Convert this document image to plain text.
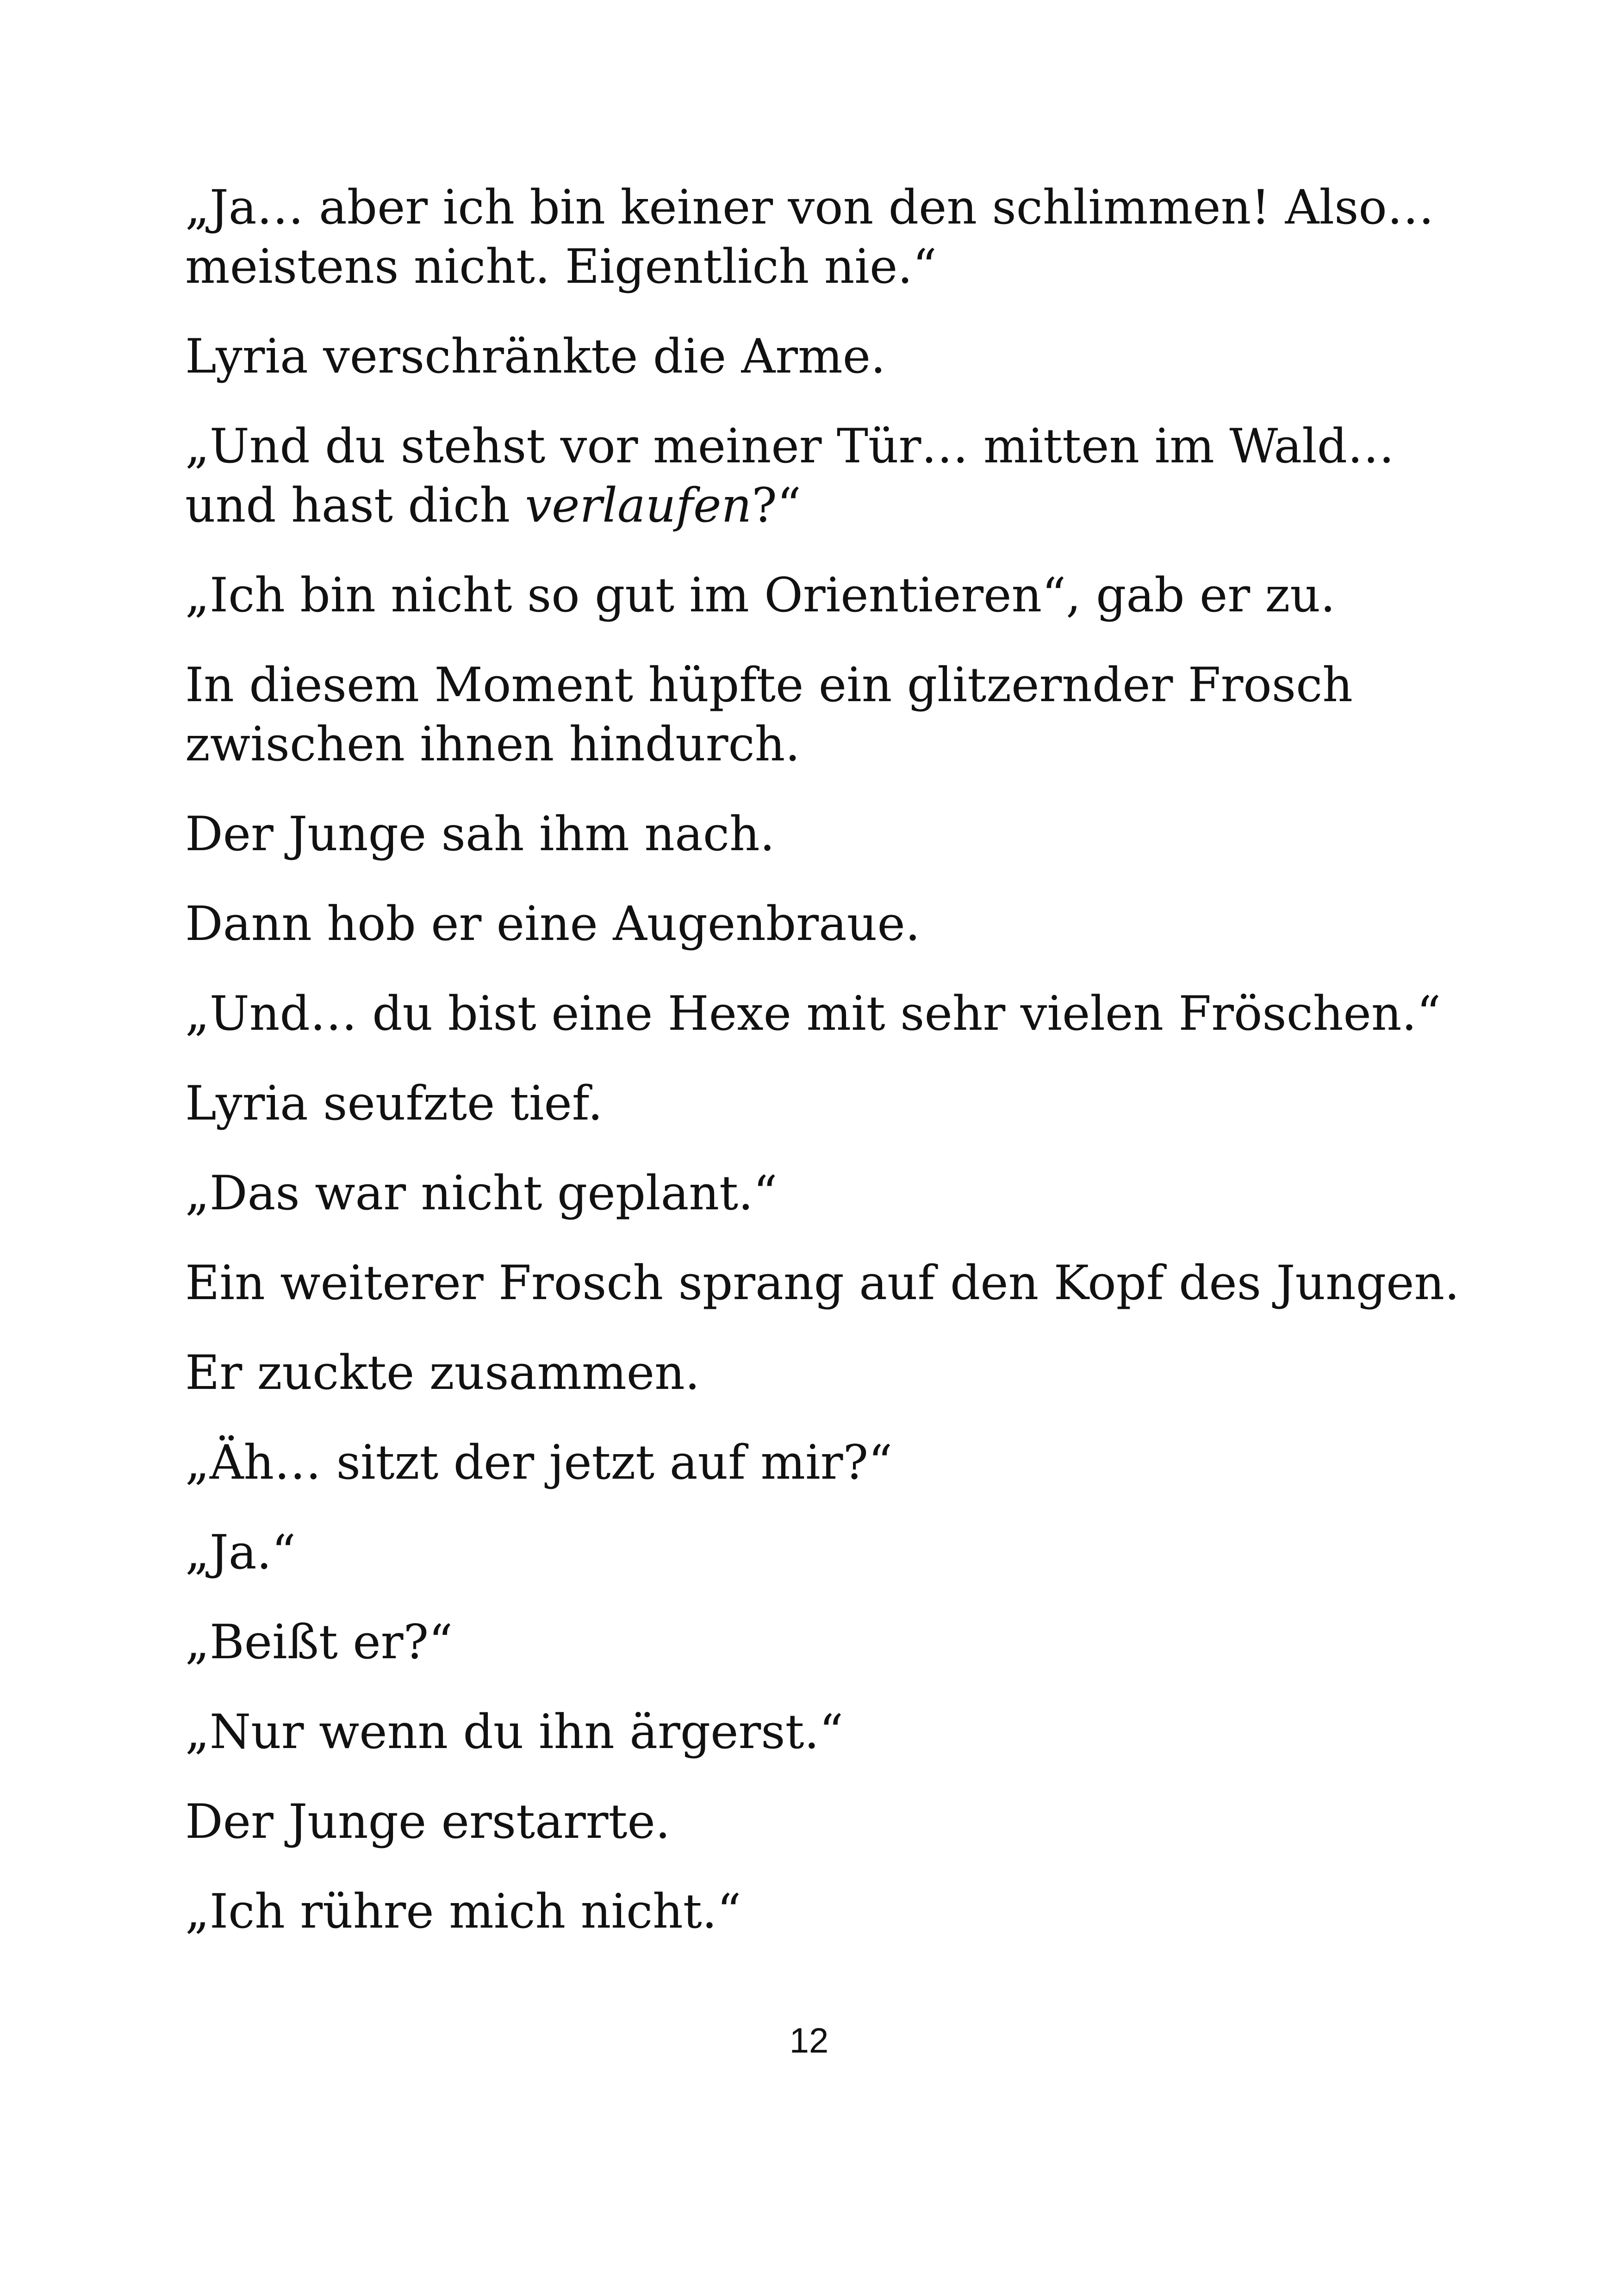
„Ja… aber ich bin keiner von den schlimmen! Also… meistens nicht. Eigentlich nie.“

Lyria verschränkte die Arme.

„Und du stehst vor meiner Tür… mitten im Wald… und hast dich verlaufen?“

„Ich bin nicht so gut im Orientieren“, gab er zu.

In diesem Moment hüpfte ein glitzernder Frosch zwischen ihnen hindurch.

Der Junge sah ihm nach.

Dann hob er eine Augenbraue.

„Und… du bist eine Hexe mit sehr vielen Fröschen.“

Lyria seufzte tief.

„Das war nicht geplant.“

Ein weiterer Frosch sprang auf den Kopf des Jungen.

Er zuckte zusammen.

„Äh… sitzt der jetzt auf mir?“

„Ja.“

„Beißt er?“

„Nur wenn du ihn ärgerst.“

Der Junge erstarrte.

„Ich rühre mich nicht.“

12
